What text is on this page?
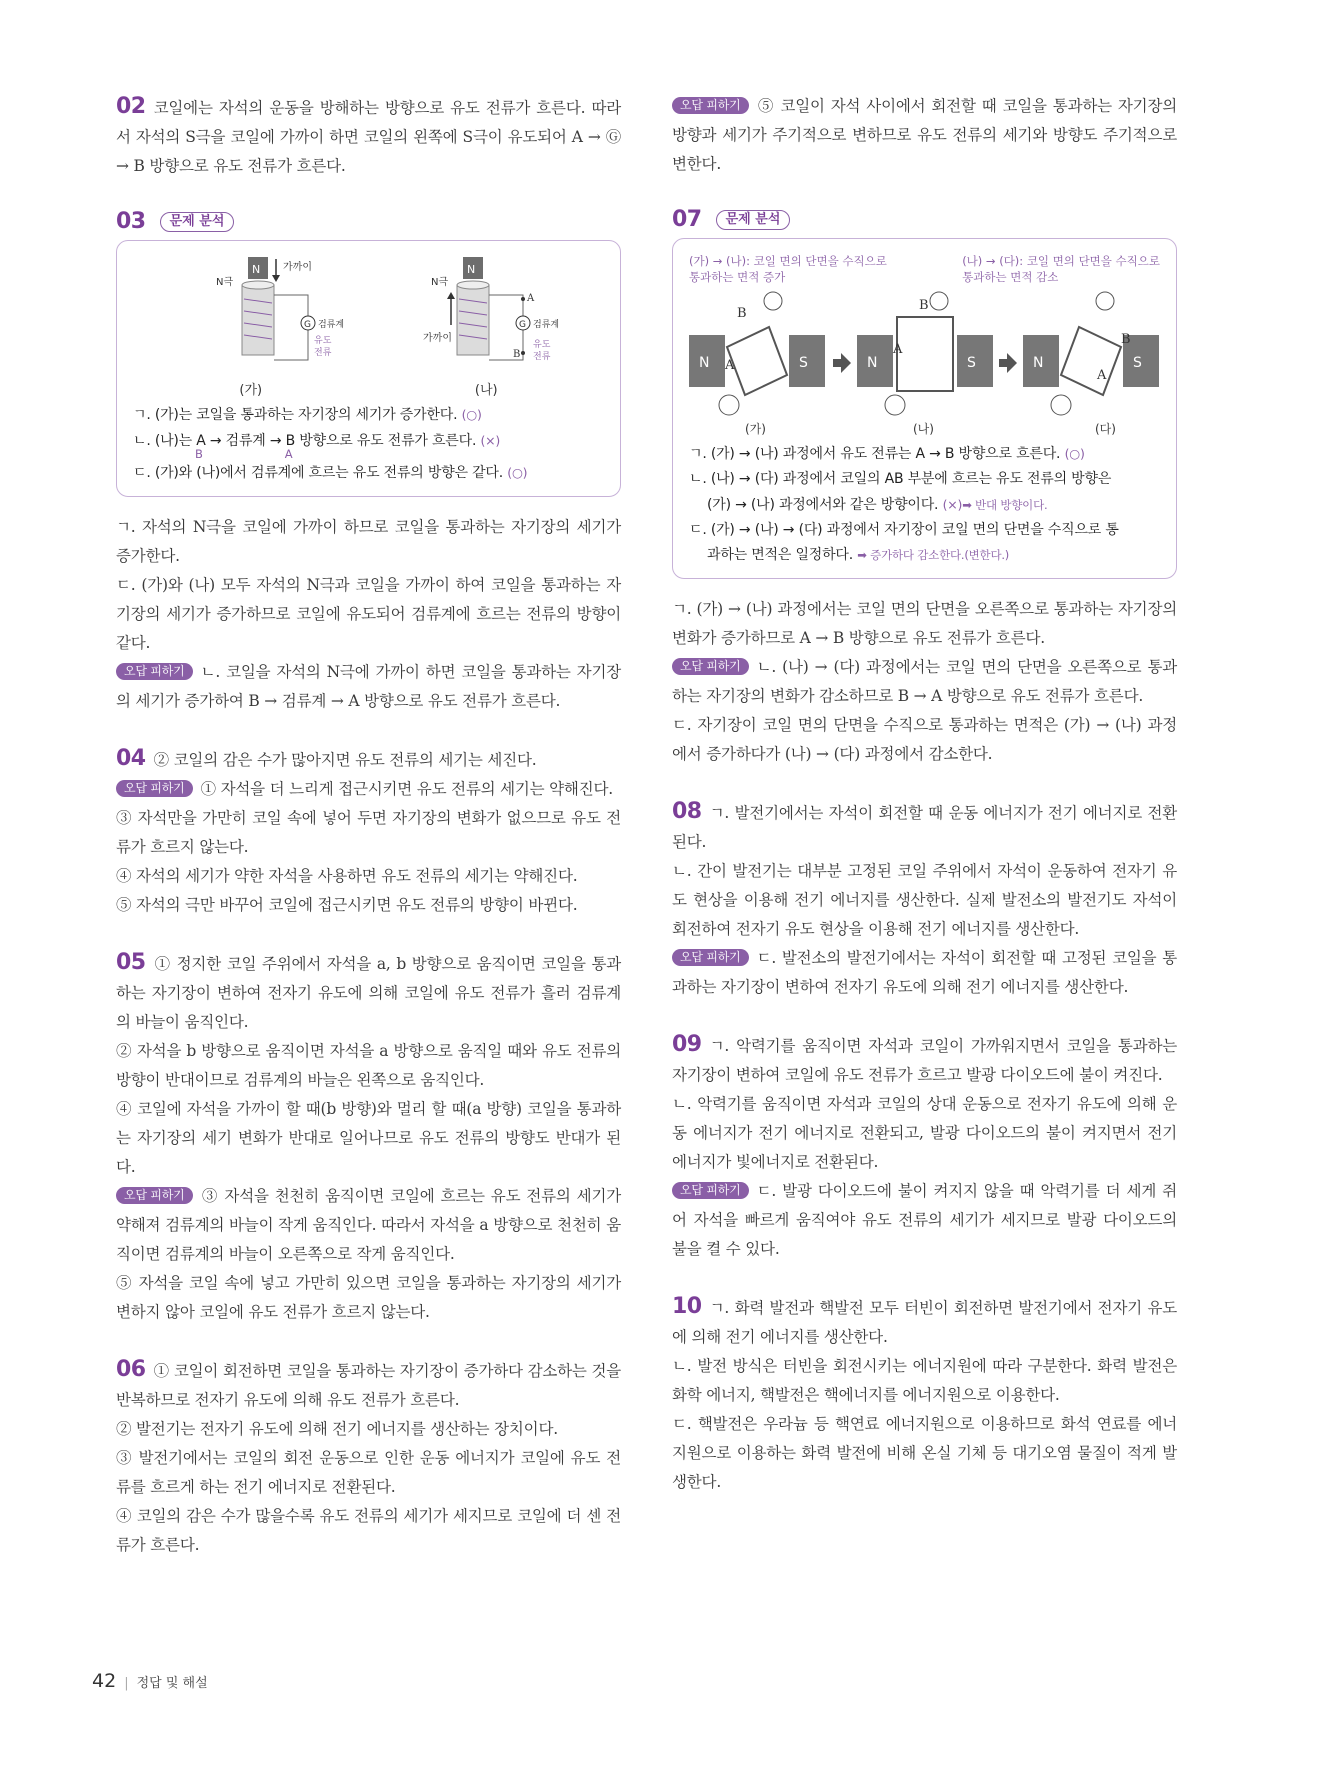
02 코일에는 자석의 운동을 방해하는 방향으로 유도 전류가 흐른다. 따라서 자석의 S극을 코일에 가까이 하면 코일의 왼쪽에 S극이 유도되어 A → Ⓖ → B 방향으로 유도 전류가 흐른다.

03 문제 분석
N 가까이
N극
G 검류계
유도
전류
(가)
N
N극
가까이
A
G 검류계
B
유도
전류
(나)

ㄱ. (가)는 코일을 통과하는 자기장의 세기가 증가한다. (○)

ㄴ. (나)는 A → 검류계 → B 방향으로 유도 전류가 흐른다. (×)

B	A

ㄷ. (가)와 (나)에서 검류계에 흐르는 유도 전류의 방향은 같다. (○)

ㄱ. 자석의 N극을 코일에 가까이 하므로 코일을 통과하는 자기장의 세기가 증가한다.

ㄷ. (가)와 (나) 모두 자석의 N극과 코일을 가까이 하여 코일을 통과하는 자기장의 세기가 증가하므로 코일에 유도되어 검류계에 흐르는 전류의 방향이 같다.

오답 피하기 ㄴ. 코일을 자석의 N극에 가까이 하면 코일을 통과하는 자기장의 세기가 증가하여 B → 검류계 → A 방향으로 유도 전류가 흐른다.

04 ② 코일의 감은 수가 많아지면 유도 전류의 세기는 세진다.

오답 피하기 ① 자석을 더 느리게 접근시키면 유도 전류의 세기는 약해진다.

③ 자석만을 가만히 코일 속에 넣어 두면 자기장의 변화가 없으므로 유도 전류가 흐르지 않는다.

④ 자석의 세기가 약한 자석을 사용하면 유도 전류의 세기는 약해진다.

⑤ 자석의 극만 바꾸어 코일에 접근시키면 유도 전류의 방향이 바뀐다.

05 ① 정지한 코일 주위에서 자석을 a, b 방향으로 움직이면 코일을 통과하는 자기장이 변하여 전자기 유도에 의해 코일에 유도 전류가 흘러 검류계의 바늘이 움직인다.

② 자석을 b 방향으로 움직이면 자석을 a 방향으로 움직일 때와 유도 전류의 방향이 반대이므로 검류계의 바늘은 왼쪽으로 움직인다.

④ 코일에 자석을 가까이 할 때(b 방향)와 멀리 할 때(a 방향) 코일을 통과하는 자기장의 세기 변화가 반대로 일어나므로 유도 전류의 방향도 반대가 된다.

오답 피하기 ③ 자석을 천천히 움직이면 코일에 흐르는 유도 전류의 세기가 약해져 검류계의 바늘이 작게 움직인다. 따라서 자석을 a 방향으로 천천히 움직이면 검류계의 바늘이 오른쪽으로 작게 움직인다.

⑤ 자석을 코일 속에 넣고 가만히 있으면 코일을 통과하는 자기장의 세기가 변하지 않아 코일에 유도 전류가 흐르지 않는다.

06 ① 코일이 회전하면 코일을 통과하는 자기장이 증가하다 감소하는 것을 반복하므로 전자기 유도에 의해 유도 전류가 흐른다.

② 발전기는 전자기 유도에 의해 전기 에너지를 생산하는 장치이다.

③ 발전기에서는 코일의 회전 운동으로 인한 운동 에너지가 코일에 유도 전류를 흐르게 하는 전기 에너지로 전환된다.

④ 코일의 감은 수가 많을수록 유도 전류의 세기가 세지므로 코일에 더 센 전류가 흐른다.

오답 피하기 ⑤ 코일이 자석 사이에서 회전할 때 코일을 통과하는 자기장의 방향과 세기가 주기적으로 변하므로 유도 전류의 세기와 방향도 주기적으로 변한다.

07 문제 분석
(가) → (나): 코일 면의 단면을 수직으로
통과하는 면적 증가
(나) → (다): 코일 면의 단면을 수직으로
통과하는 면적 감소
N	S
B
A	N	S
B
A
N	S
B
A
(가)	(나)	(다)

ㄱ. (가) → (나) 과정에서 유도 전류는 A → B 방향으로 흐른다. (○)

ㄴ. (나) → (다) 과정에서 코일의 AB 부분에 흐르는 유도 전류의 방향은

(가) → (나) 과정에서와 같은 방향이다. (×)➡ 반대 방향이다.

ㄷ. (가) → (나) → (다) 과정에서 자기장이 코일 면의 단면을 수직으로 통

과하는 면적은 일정하다. ➡ 증가하다 감소한다.(변한다.)

ㄱ. (가) → (나) 과정에서는 코일 면의 단면을 오른쪽으로 통과하는 자기장의 변화가 증가하므로 A → B 방향으로 유도 전류가 흐른다.

오답 피하기 ㄴ. (나) → (다) 과정에서는 코일 면의 단면을 오른쪽으로 통과하는 자기장의 변화가 감소하므로 B → A 방향으로 유도 전류가 흐른다.

ㄷ. 자기장이 코일 면의 단면을 수직으로 통과하는 면적은 (가) → (나) 과정에서 증가하다가 (나) → (다) 과정에서 감소한다.

08 ㄱ. 발전기에서는 자석이 회전할 때 운동 에너지가 전기 에너지로 전환된다.

ㄴ. 간이 발전기는 대부분 고정된 코일 주위에서 자석이 운동하여 전자기 유도 현상을 이용해 전기 에너지를 생산한다. 실제 발전소의 발전기도 자석이 회전하여 전자기 유도 현상을 이용해 전기 에너지를 생산한다.

오답 피하기 ㄷ. 발전소의 발전기에서는 자석이 회전할 때 고정된 코일을 통과하는 자기장이 변하여 전자기 유도에 의해 전기 에너지를 생산한다.

09 ㄱ. 악력기를 움직이면 자석과 코일이 가까워지면서 코일을 통과하는 자기장이 변하여 코일에 유도 전류가 흐르고 발광 다이오드에 불이 켜진다.

ㄴ. 악력기를 움직이면 자석과 코일의 상대 운동으로 전자기 유도에 의해 운동 에너지가 전기 에너지로 전환되고, 발광 다이오드의 불이 켜지면서 전기 에너지가 빛에너지로 전환된다.

오답 피하기 ㄷ. 발광 다이오드에 불이 켜지지 않을 때 악력기를 더 세게 쥐어 자석을 빠르게 움직여야 유도 전류의 세기가 세지므로 발광 다이오드의 불을 켤 수 있다.

10 ㄱ. 화력 발전과 핵발전 모두 터빈이 회전하면 발전기에서 전자기 유도에 의해 전기 에너지를 생산한다.

ㄴ. 발전 방식은 터빈을 회전시키는 에너지원에 따라 구분한다. 화력 발전은 화학 에너지, 핵발전은 핵에너지를 에너지원으로 이용한다.

ㄷ. 핵발전은 우라늄 등 핵연료 에너지원으로 이용하므로 화석 연료를 에너지원으로 이용하는 화력 발전에 비해 온실 기체 등 대기오염 물질이 적게 발생한다.

42 | 정답 및 해설
